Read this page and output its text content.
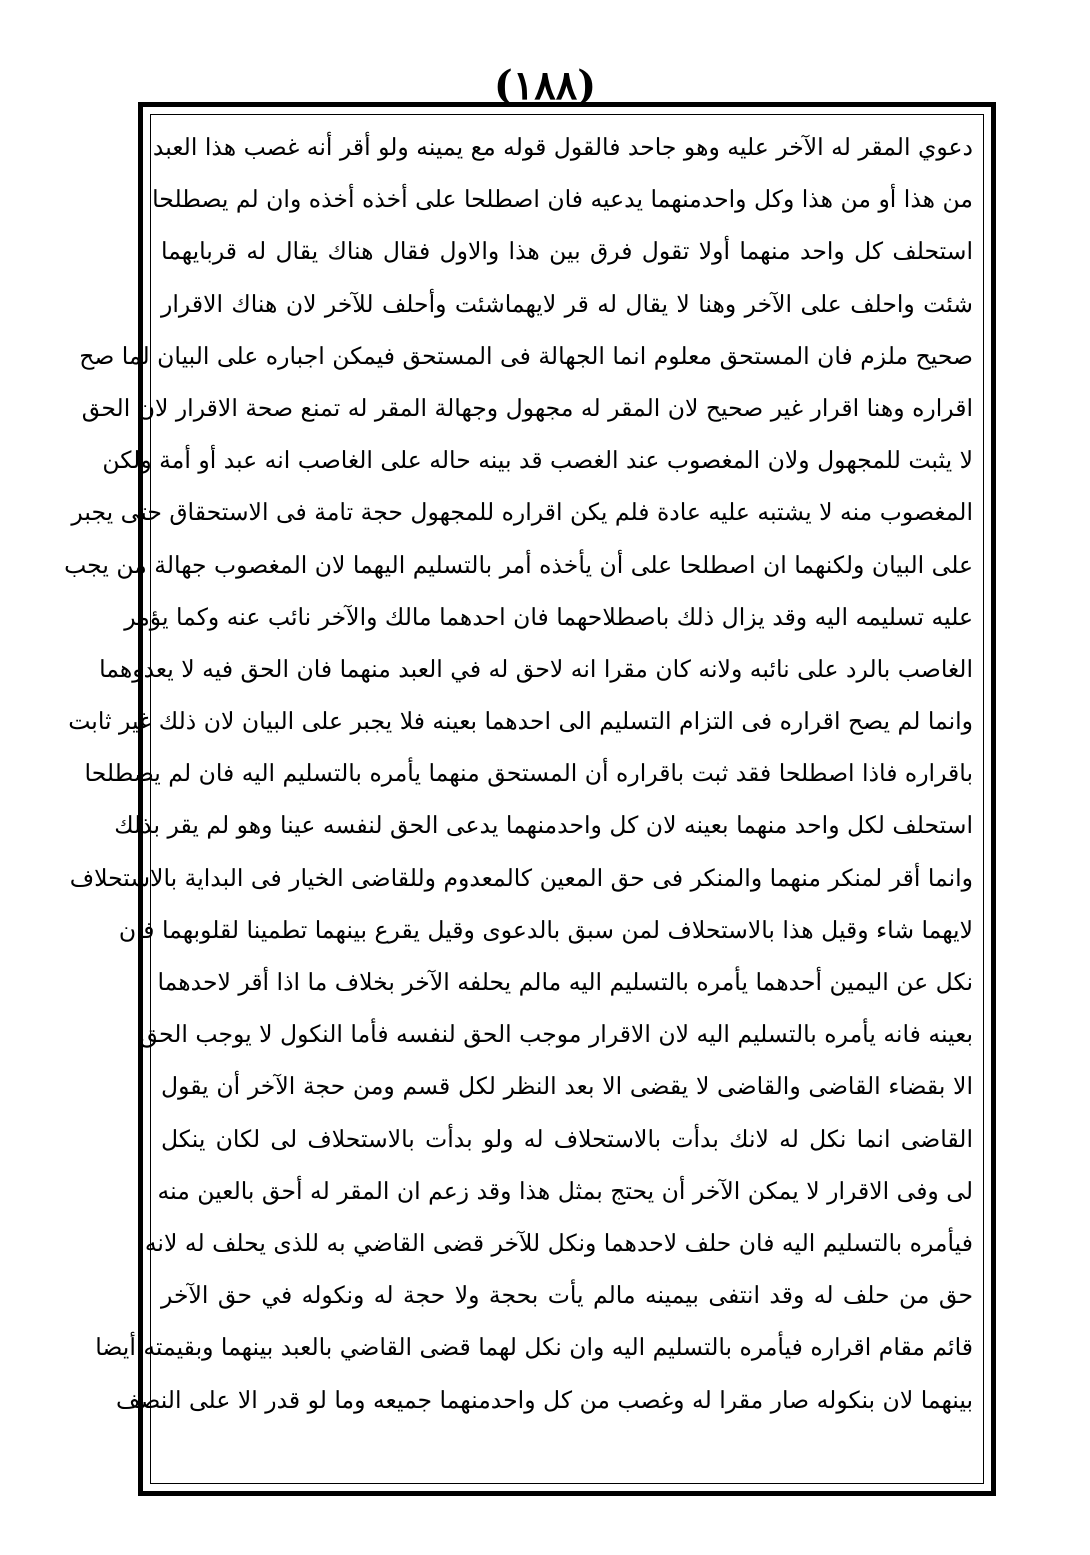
(١٨٨)
دعوي المقر له الآخر عليه وهو جاحد فالقول قوله مع يمينه ولو أقر أنه غصب هذا العبد
من هذا أو من هذا وكل واحدمنهما يدعيه فان اصطلحا على أخذه أخذه وان لم يصطلحا
استحلف كل واحد منهما أولا تقول فرق بين هذا والاول فقال هناك يقال له قربايهما
شئت واحلف على الآخر وهنا لا يقال له قر لايهماشئت وأحلف للآخر لان هناك الاقرار
صحيح ملزم فان المستحق معلوم انما الجهالة فى المستحق فيمكن اجباره على البيان لما صح
اقراره وهنا اقرار غير صحيح لان المقر له مجهول وجهالة المقر له تمنع صحة الاقرار لان الحق
لا يثبت للمجهول ولان المغصوب عند الغصب قد بينه حاله على الغاصب انه عبد أو أمة ولكن
المغصوب منه لا يشتبه عليه عادة فلم يكن اقراره للمجهول حجة تامة فى الاستحقاق حتى يجبر
على البيان ولكنهما ان اصطلحا على أن يأخذه أمر بالتسليم اليهما لان المغصوب جهالة من يجب
عليه تسليمه اليه وقد يزال ذلك باصطلاحهما فان احدهما مالك والآخر نائب عنه وكما يؤمر
الغاصب بالرد على نائبه ولانه كان مقرا انه لاحق له في العبد منهما فان الحق فيه لا يعدوهما
وانما لم يصح اقراره فى التزام التسليم الى احدهما بعينه فلا يجبر على البيان لان ذلك غير ثابت
باقراره فاذا اصطلحا فقد ثبت باقراره أن المستحق منهما يأمره بالتسليم اليه فان لم يصطلحا
استحلف لكل واحد منهما بعينه لان كل واحدمنهما يدعى الحق لنفسه عينا وهو لم يقر بذلك
وانما أقر لمنكر منهما والمنكر فى حق المعين كالمعدوم وللقاضى الخيار فى البداية بالاستحلاف
لايهما شاء وقيل هذا بالاستحلاف لمن سبق بالدعوى وقيل يقرع بينهما تطمينا لقلوبهما فان
نكل عن اليمين أحدهما يأمره بالتسليم اليه مالم يحلفه الآخر بخلاف ما اذا أقر لاحدهما
بعينه فانه يأمره بالتسليم اليه لان الاقرار موجب الحق لنفسه فأما النكول لا يوجب الحق
الا بقضاء القاضى والقاضى لا يقضى الا بعد النظر لكل قسم ومن حجة الآخر أن يقول
القاضى انما نكل له لانك بدأت بالاستحلاف له ولو بدأت بالاستحلاف لى لكان ينكل
لى وفى الاقرار لا يمكن الآخر أن يحتج بمثل هذا وقد زعم ان المقر له أحق بالعين منه
فيأمره بالتسليم اليه فان حلف لاحدهما ونكل للآخر قضى القاضي به للذى يحلف له لانه
حق من حلف له وقد انتفى بيمينه مالم يأت بحجة ولا حجة له ونكوله في حق الآخر
قائم مقام اقراره فيأمره بالتسليم اليه وان نكل لهما قضى القاضي بالعبد بينهما وبقيمته أيضا
بينهما لان بنكوله صار مقرا له وغصب من كل واحدمنهما جميعه وما لو قدر الا على النصف
